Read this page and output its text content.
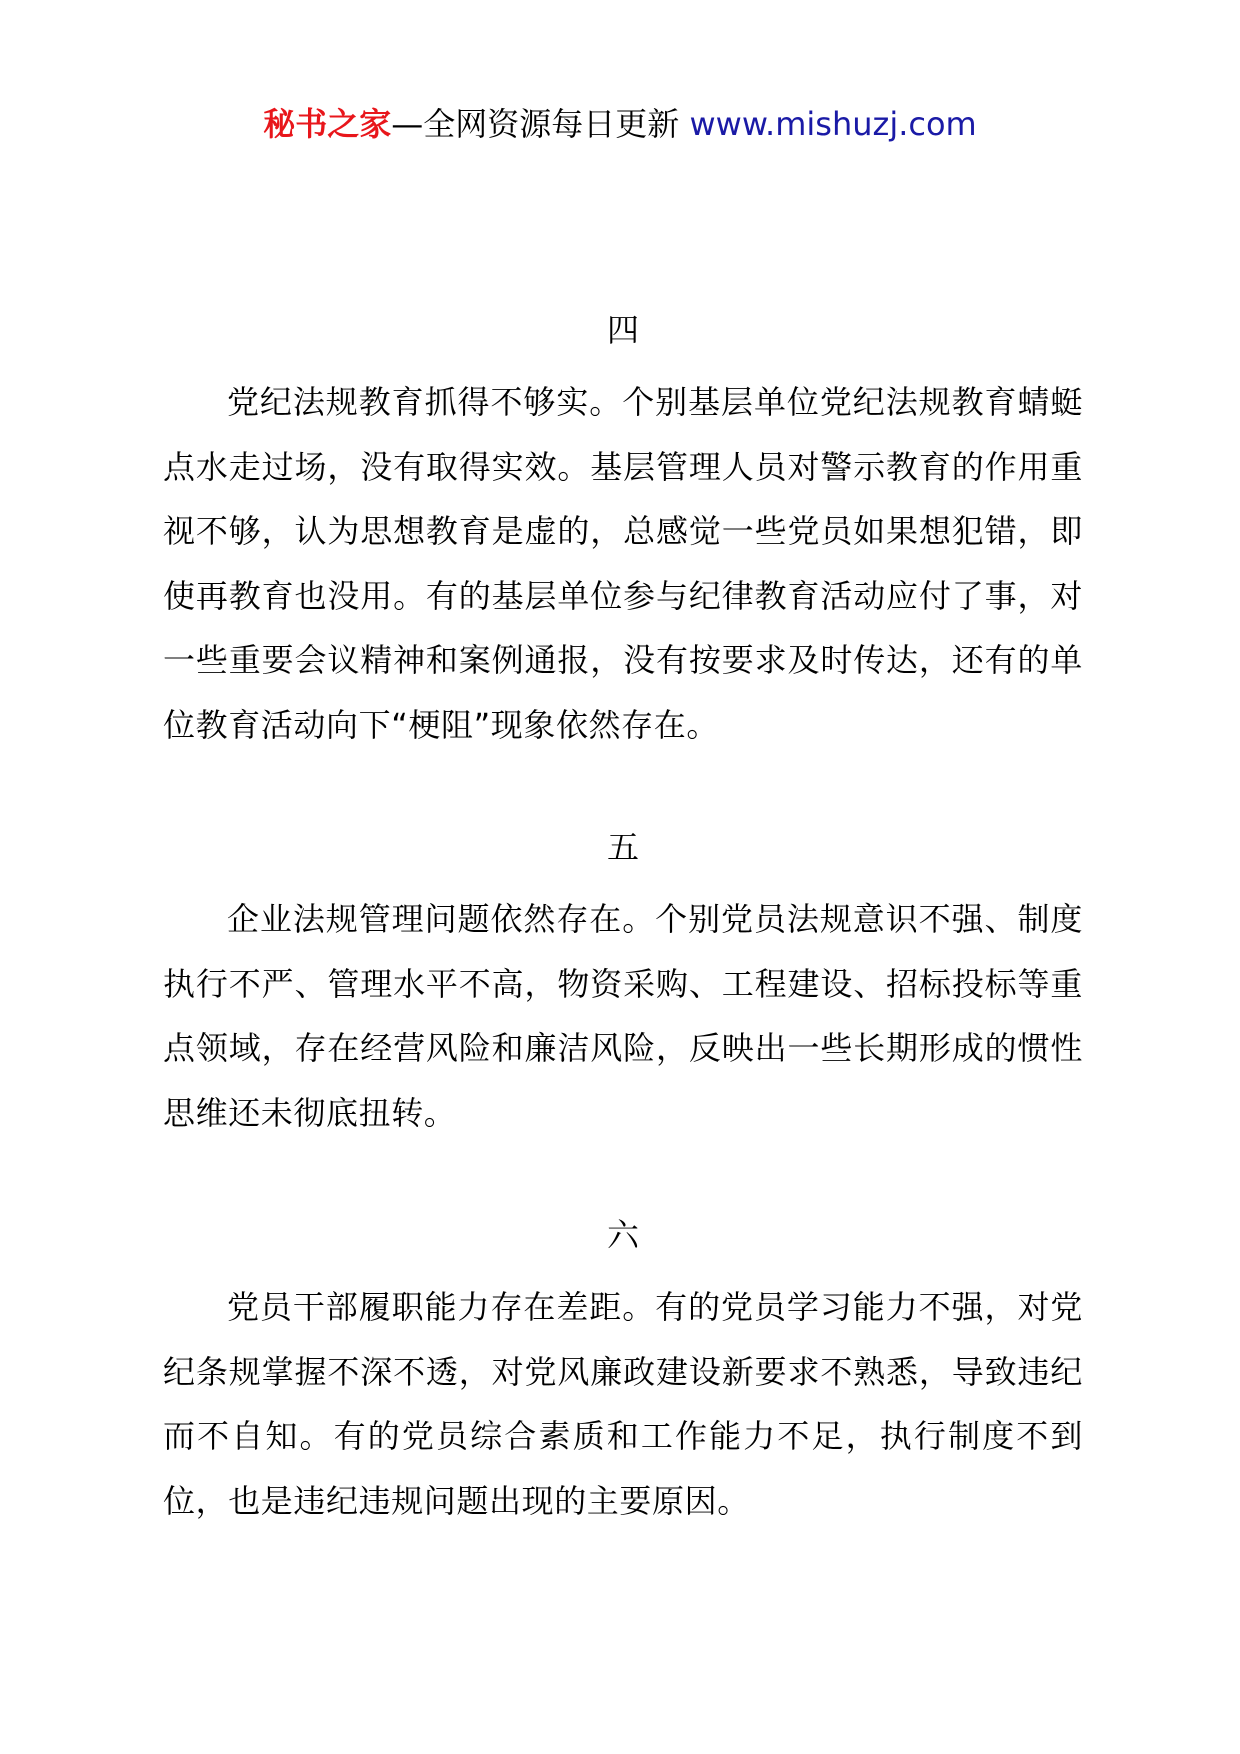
秘书之家—全网资源每日更新 www.mishuzj.com
四

党纪法规教育抓得不够实。个别基层单位党纪法规教育蜻蜓点水走过场，没有取得实效。基层管理人员对警示教育的作用重视不够，认为思想教育是虚的，总感觉一些党员如果想犯错，即使再教育也没用。有的基层单位参与纪律教育活动应付了事，对一些重要会议精神和案例通报，没有按要求及时传达，还有的单位教育活动向下“梗阻”现象依然存在。

五

企业法规管理问题依然存在。个别党员法规意识不强、制度执行不严、管理水平不高，物资采购、工程建设、招标投标等重点领域，存在经营风险和廉洁风险，反映出一些长期形成的惯性思维还未彻底扭转。

六

党员干部履职能力存在差距。有的党员学习能力不强，对党纪条规掌握不深不透，对党风廉政建设新要求不熟悉，导致违纪而不自知。有的党员综合素质和工作能力不足，执行制度不到位，也是违纪违规问题出现的主要原因。
